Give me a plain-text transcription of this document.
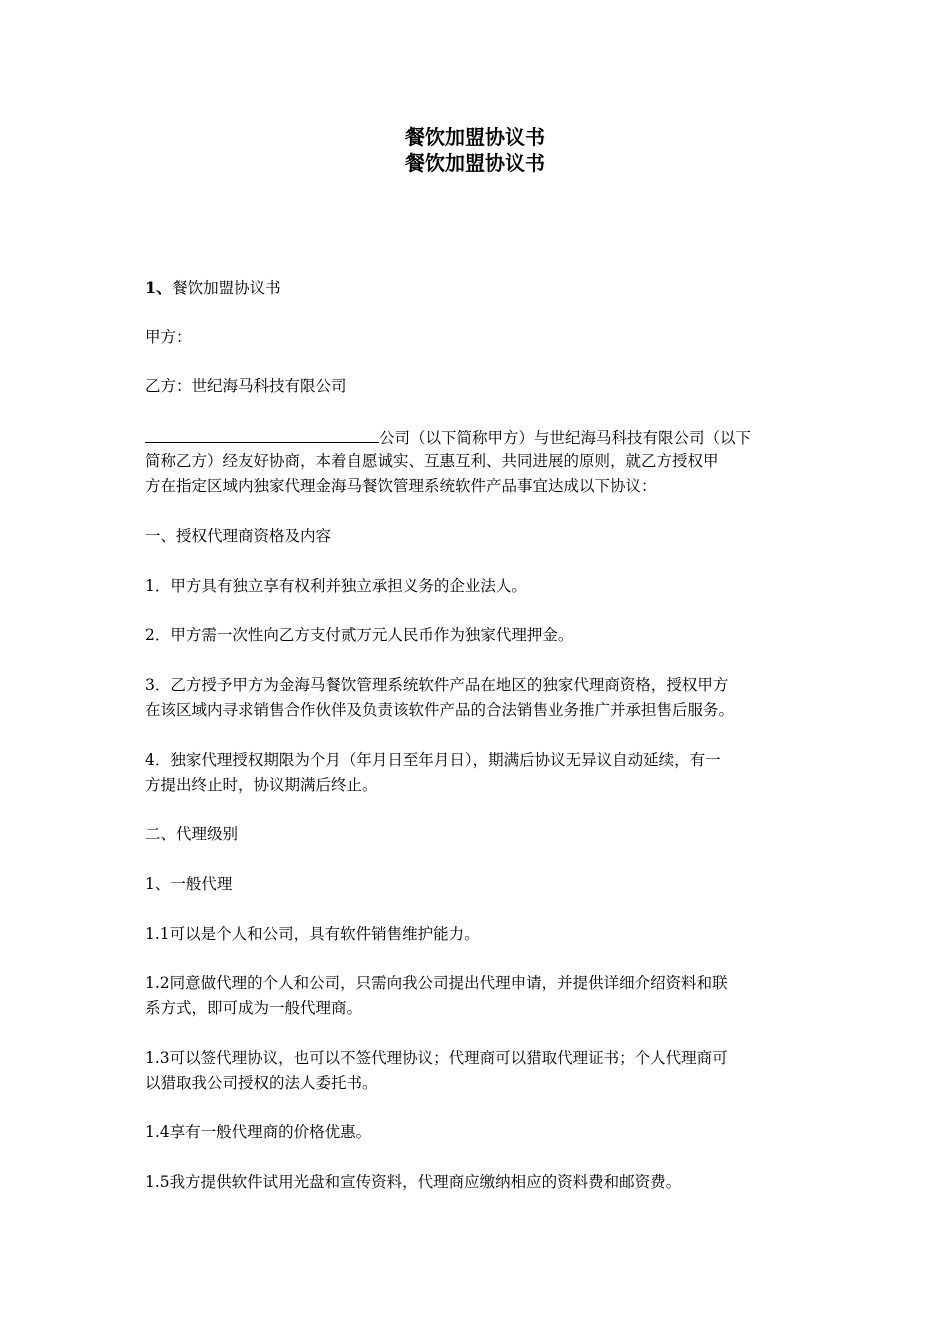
餐饮加盟协议书
餐饮加盟协议书
1、餐饮加盟协议书
甲方：
乙方：世纪海马科技有限公司
公司（以下简称甲方）与世纪海马科技有限公司（以下
简称乙方）经友好协商，本着自愿诚实、互惠互利、共同进展的原则，就乙方授权甲
方在指定区域内独家代理金海马餐饮管理系统软件产品事宜达成以下协议：
一、授权代理商资格及内容
1．甲方具有独立享有权利并独立承担义务的企业法人。
2．甲方需一次性向乙方支付贰万元人民币作为独家代理押金。
3．乙方授予甲方为金海马餐饮管理系统软件产品在地区的独家代理商资格，授权甲方
在该区域内寻求销售合作伙伴及负责该软件产品的合法销售业务推广并承担售后服务。
4．独家代理授权期限为个月（年月日至年月日），期满后协议无异议自动延续，有一
方提出终止时，协议期满后终止。
二、代理级别
1、一般代理
1.1可以是个人和公司，具有软件销售维护能力。
1.2同意做代理的个人和公司，只需向我公司提出代理申请，并提供详细介绍资料和联
系方式，即可成为一般代理商。
1.3可以签代理协议，也可以不签代理协议；代理商可以猎取代理证书；个人代理商可
以猎取我公司授权的法人委托书。
1.4享有一般代理商的价格优惠。
1.5我方提供软件试用光盘和宣传资料，代理商应缴纳相应的资料费和邮资费。
